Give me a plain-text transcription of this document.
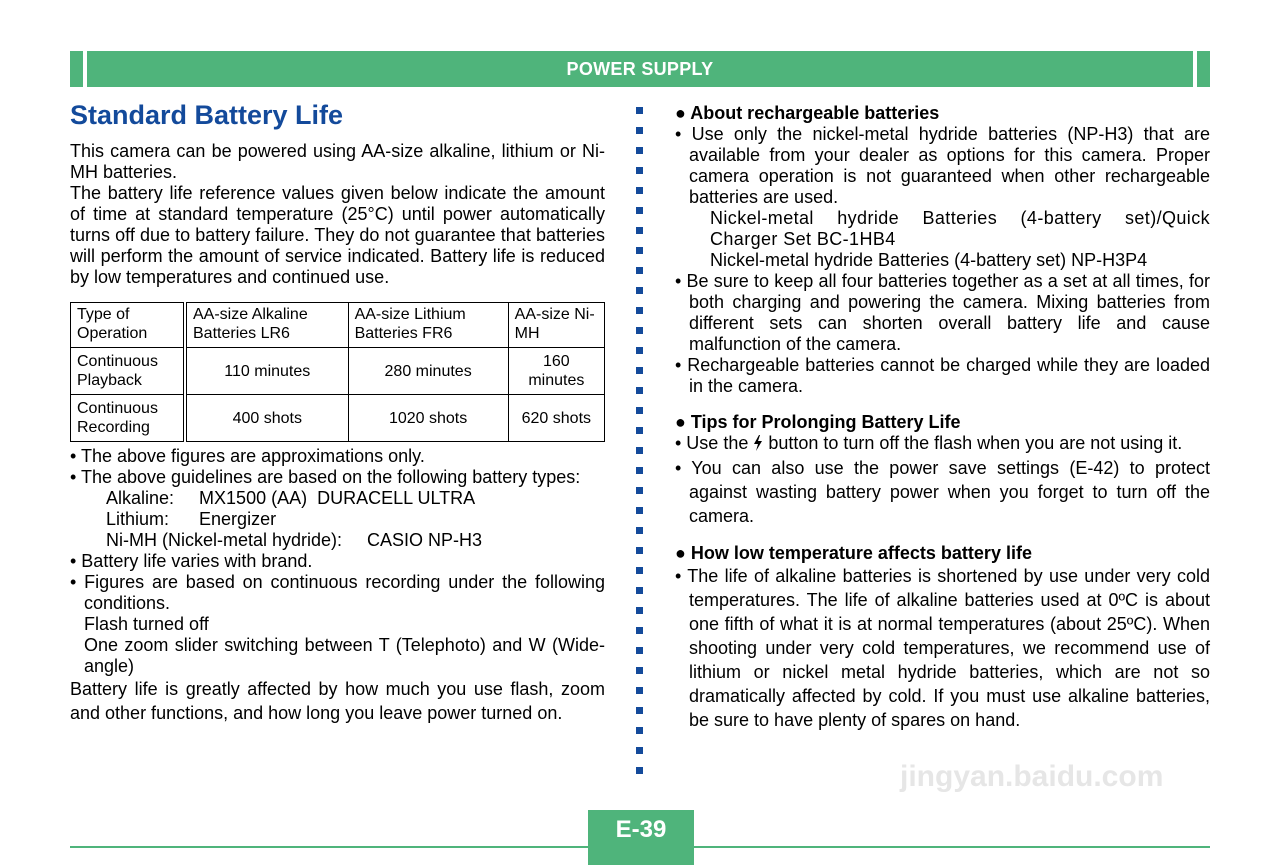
POWER SUPPLY
Standard Battery Life

This camera can be powered using AA-size alkaline, lithium or Ni-MH batteries.

The battery life reference values given below indicate the amount of time at standard temperature (25°C) until power automatically turns off due to battery failure. They do not guarantee that batteries will perform the amount of service indicated. Battery life is reduced by low temperatures and continued use.

Type of Operation	AA-size Alkaline Batteries LR6	AA-size Lithium Batteries FR6	AA-size Ni-MH
Continuous Playback	110 minutes	280 minutes	160 minutes
Continuous Recording	400 shots	1020 shots	620 shots
• The above figures are approximations only.
• The above guidelines are based on the following battery types:
Alkaline:     MX1500 (AA)  DURACELL ULTRA
Lithium:      Energizer
Ni-MH (Nickel-metal hydride):     CASIO NP-H3
• Battery life varies with brand.
• Figures are based on continuous recording under the following conditions.
Flash turned off
One zoom slider switching between T (Telephoto) and W (Wide-angle)

Battery life is greatly affected by how much you use flash, zoom and other functions, and how long you leave power turned on.

● About rechargeable batteries
• Use only the nickel-metal hydride batteries (NP-H3) that are available from your dealer as options for this camera. Proper camera operation is not guaranteed when other rechargeable batteries are used.
Nickel-metal hydride Batteries (4-battery set)/Quick Charger Set BC-1HB4
Nickel-metal hydride Batteries (4-battery set) NP-H3P4
• Be sure to keep all four batteries together as a set at all times, for both charging and powering the camera. Mixing batteries from different sets can shorten overall battery life and cause malfunction of the camera.
• Rechargeable batteries cannot be charged while they are loaded in the camera.
● Tips for Prolonging Battery Life
• Use the  button to turn off the flash when you are not using it.
• You can also use the power save settings (E-42) to protect against wasting battery power when you forget to turn off the camera.
● How low temperature affects battery life
• The life of alkaline batteries is shortened by use under very cold temperatures. The life of alkaline batteries used at 0ºC is about one fifth of what it is at normal temperatures (about 25ºC). When shooting under very cold temperatures, we recommend use of lithium or nickel metal hydride batteries, which are not so dramatically affected by cold. If you must use alkaline batteries, be sure to have plenty of spares on hand.
jingyan.baidu.com
E-39
